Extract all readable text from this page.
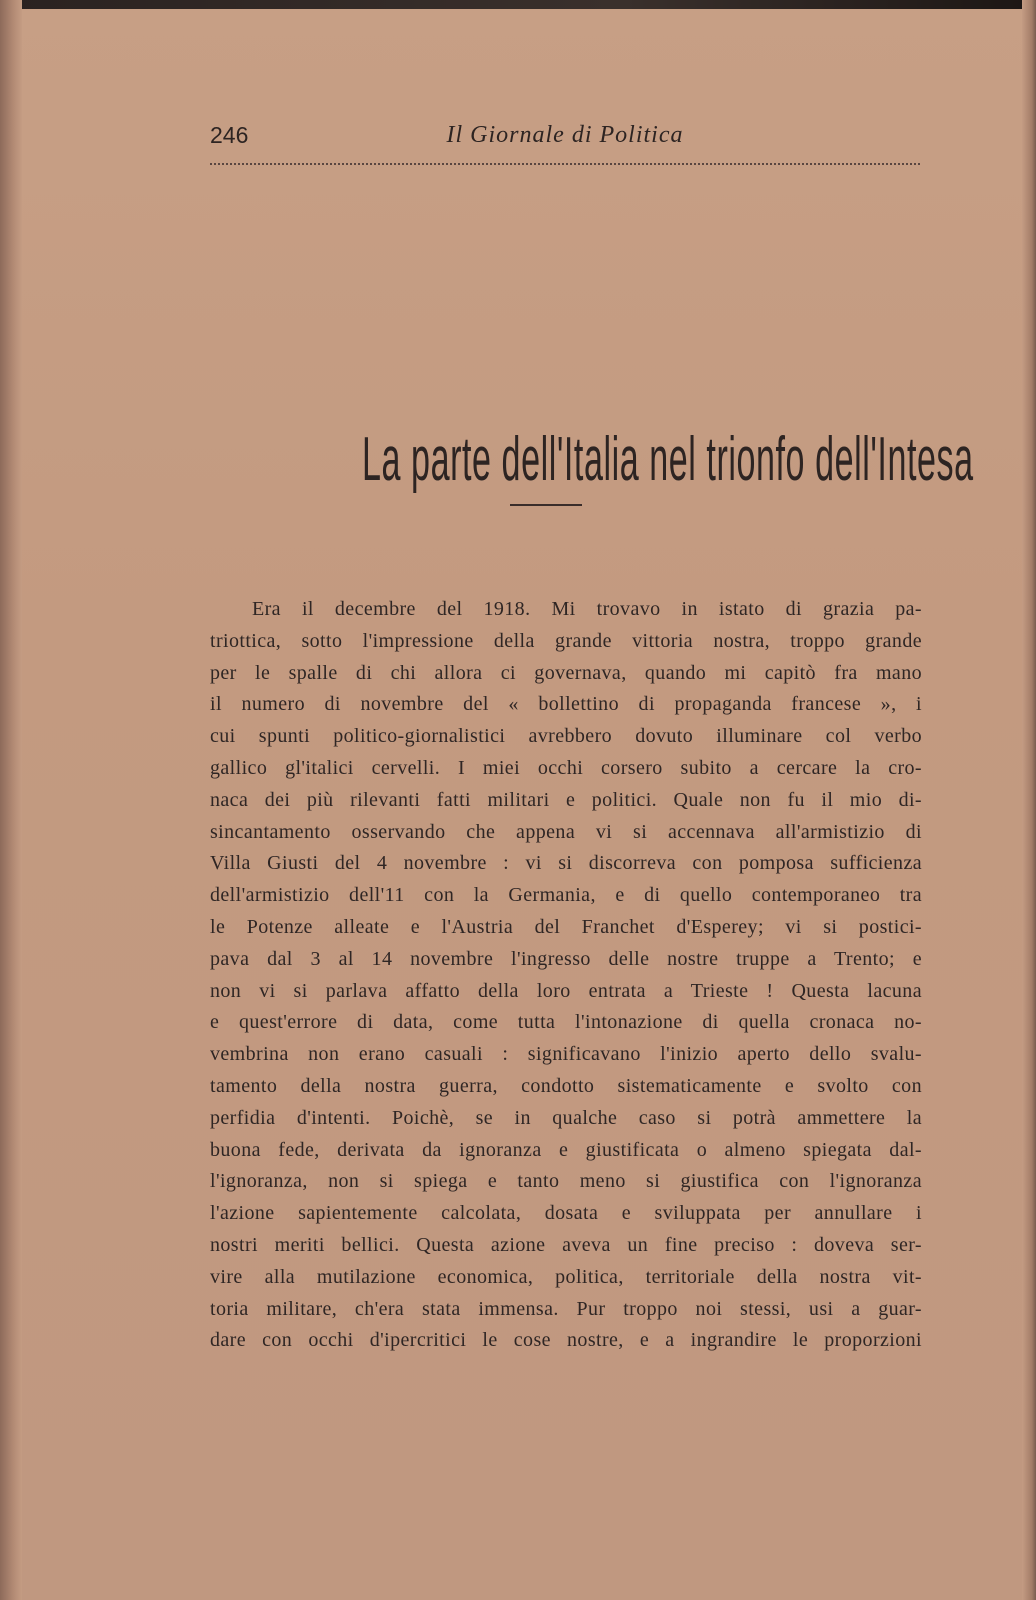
246	Il Giornale di Politica
La parte dell'Italia nel trionfo dell'Intesa
Era il decembre del 1918. Mi trovavo in istato di grazia pa-
triottica, sotto l'impressione della grande vittoria nostra, troppo grande
per le spalle di chi allora ci governava, quando mi capitò fra mano
il numero di novembre del « bollettino di propaganda francese », i
cui spunti politico-giornalistici avrebbero dovuto illuminare col verbo
gallico gl'italici cervelli. I miei occhi corsero subito a cercare la cro-
naca dei più rilevanti fatti militari e politici. Quale non fu il mio di-
sincantamento osservando che appena vi si accennava all'armistizio di
Villa Giusti del 4 novembre : vi si discorreva con pomposa sufficienza
dell'armistizio dell'11 con la Germania, e di quello contemporaneo tra
le Potenze alleate e l'Austria del Franchet d'Esperey; vi si postici-
pava dal 3 al 14 novembre l'ingresso delle nostre truppe a Trento; e
non vi si parlava affatto della loro entrata a Trieste ! Questa lacuna
e quest'errore di data, come tutta l'intonazione di quella cronaca no-
vembrina non erano casuali : significavano l'inizio aperto dello svalu-
tamento della nostra guerra, condotto sistematicamente e svolto con
perfidia d'intenti. Poichè, se in qualche caso si potrà ammettere la
buona fede, derivata da ignoranza e giustificata o almeno spiegata dal-
l'ignoranza, non si spiega e tanto meno si giustifica con l'ignoranza
l'azione sapientemente calcolata, dosata e sviluppata per annullare i
nostri meriti bellici. Questa azione aveva un fine preciso : doveva ser-
vire alla mutilazione economica, politica, territoriale della nostra vit-
toria militare, ch'era stata immensa. Pur troppo noi stessi, usi a guar-
dare con occhi d'ipercritici le cose nostre, e a ingrandire le proporzioni
